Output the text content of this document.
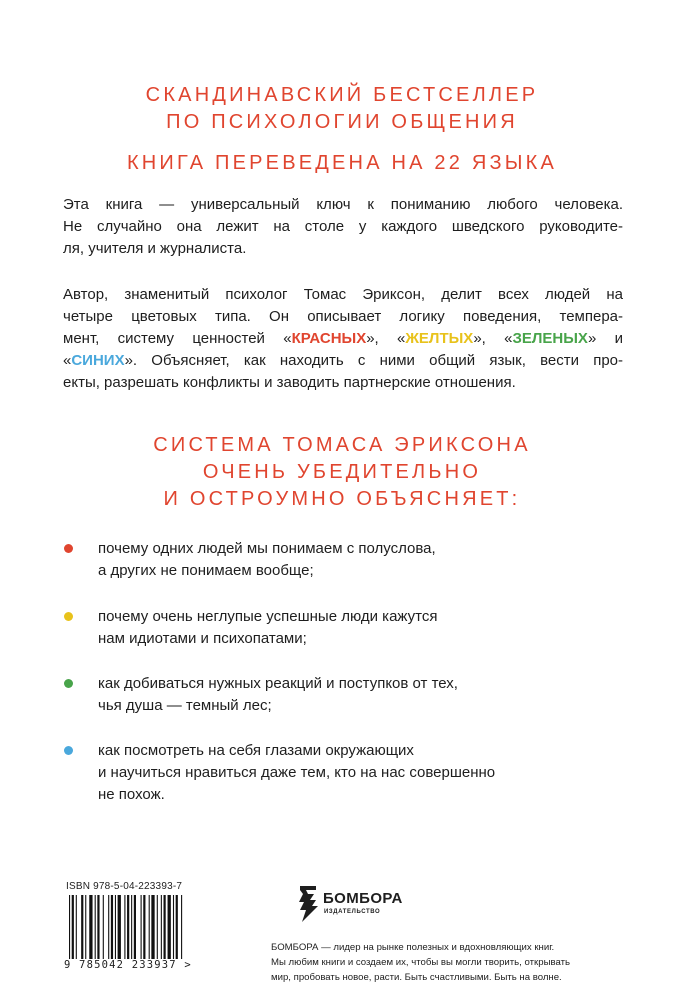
СКАНДИНАВСКИЙ БЕСТСЕЛЛЕР
ПО ПСИХОЛОГИИ ОБЩЕНИЯ
КНИГА ПЕРЕВЕДЕНА НА 22 ЯЗЫКА
Эта книга — универсальный ключ к пониманию любого человека.
Не случайно она лежит на столе у каждого шведского руководите-
ля, учителя и журналиста.
Автор, знаменитый психолог Томас Эриксон, делит всех людей на
четыре цветовых типа. Он описывает логику поведения, темпера-
мент, систему ценностей «КРАСНЫХ», «ЖЕЛТЫХ», «ЗЕЛЕНЫХ» и
«СИНИХ». Объясняет, как находить с ними общий язык, вести про-
екты, разрешать конфликты и заводить партнерские отношения.
СИСТЕМА ТОМАСА ЭРИКСОНА
ОЧЕНЬ УБЕДИТЕЛЬНО
И ОСТРОУМНО ОБЪЯСНЯЕТ:
почему одних людей мы понимаем с полуслова,
а других не понимаем вообще;
почему очень неглупые успешные люди кажутся
нам идиотами и психопатами;
как добиваться нужных реакций и поступков от тех,
чья душа — темный лес;
как посмотреть на себя глазами окружающих
и научиться нравиться даже тем, кто на нас совершенно
не похож.
ISBN 978-5-04-223393-7
9 785042 233937 >
БОМБОРА
ИЗДАТЕЛЬСТВО
БОМБОРА — лидер на рынке полезных и вдохновляющих книг.
Мы любим книги и создаем их, чтобы вы могли творить, открывать
мир, пробовать новое, расти. Быть счастливыми. Быть на волне.
